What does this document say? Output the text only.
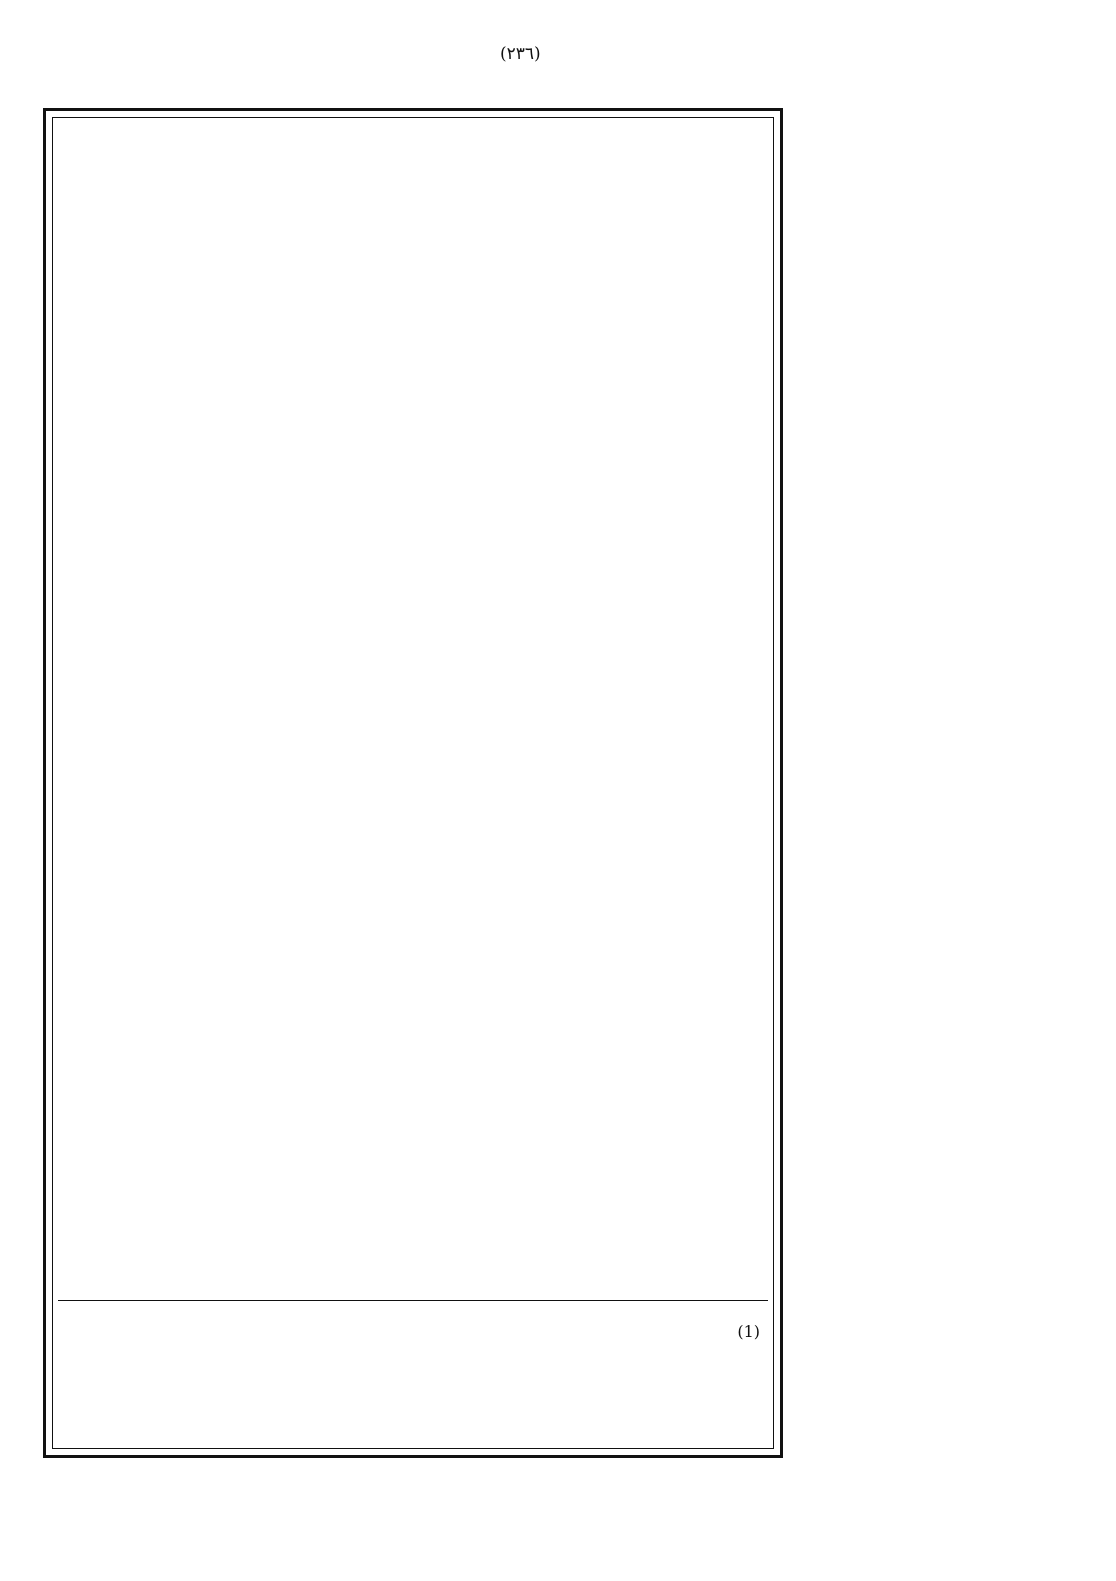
(٢٣٦)
(1)
